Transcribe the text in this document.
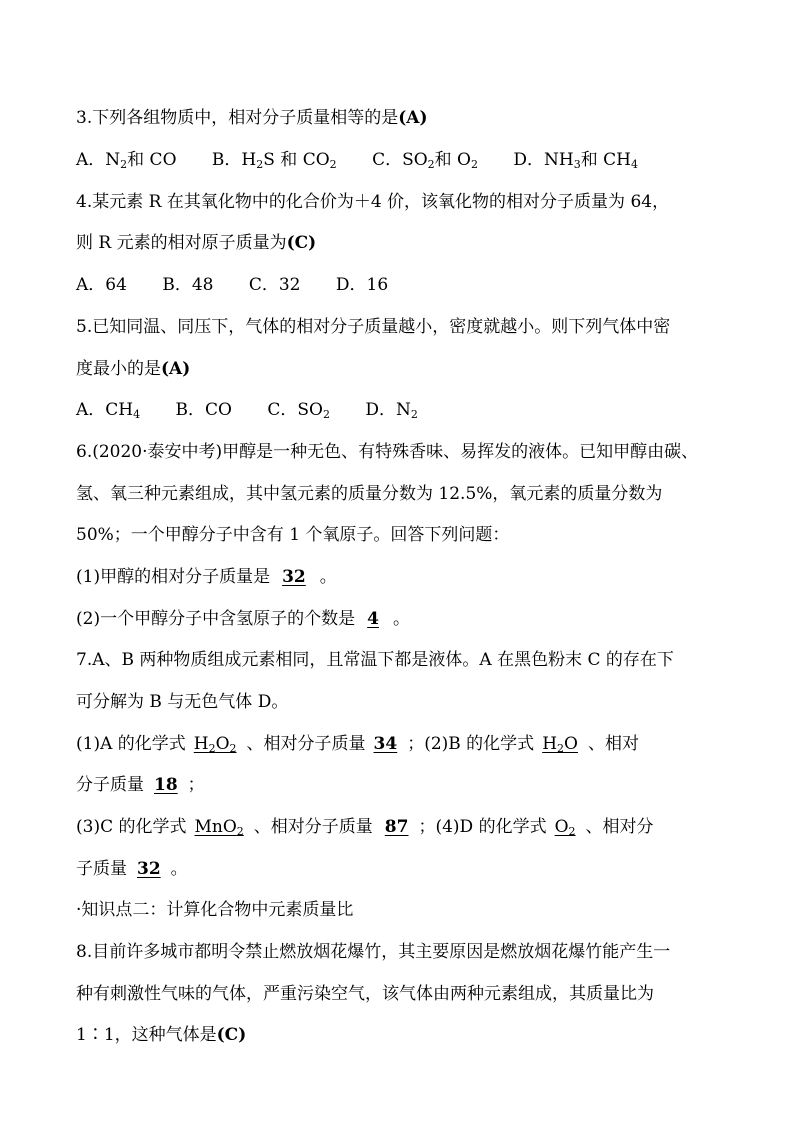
3.下列各组物质中，相对分子质量相等的是(A)
A．$N_2$和 CO B．$H_2S$ 和 $CO_2$ C．$SO_2$和 $O_2$ D．$NH_3$和 $CH_4$
4.某元素 R 在其氧化物中的化合价为＋4 价，该氧化物的相对分子质量为 64，
则 R 元素的相对原子质量为(C)
A．64 B．48 C．32 D．16
5.已知同温、同压下，气体的相对分子质量越小，密度就越小。则下列气体中密
度最小的是(A)
A．$CH_4$ B．CO C．$SO_2$ D．$N_2$
6.(2020·泰安中考)甲醇是一种无色、有特殊香味、易挥发的液体。已知甲醇由碳、
氢、氧三种元素组成，其中氢元素的质量分数为 12.5%，氧元素的质量分数为
50%；一个甲醇分子中含有 1 个氧原子。回答下列问题：
(1)甲醇的相对分子质量是 32 。
(2)一个甲醇分子中含氢原子的个数是 4 。
7.A、B 两种物质组成元素相同，且常温下都是液体。A 在黑色粉末 C 的存在下
可分解为 B 与无色气体 D。
(1)A 的化学式 $H_2O_2$ 、相对分子质量 34 ；(2)B 的化学式 $H_2O$ 、相对
分子质量 18 ；
(3)C 的化学式 MnO$_2$ 、相对分子质量 87 ；(4)D 的化学式 $O_2$ 、相对分
子质量 32 。
·知识点二：计算化合物中元素质量比
8.目前许多城市都明令禁止燃放烟花爆竹，其主要原因是燃放烟花爆竹能产生一
种有刺激性气味的气体，严重污染空气，该气体由两种元素组成，其质量比为
1∶1，这种气体是(C)
